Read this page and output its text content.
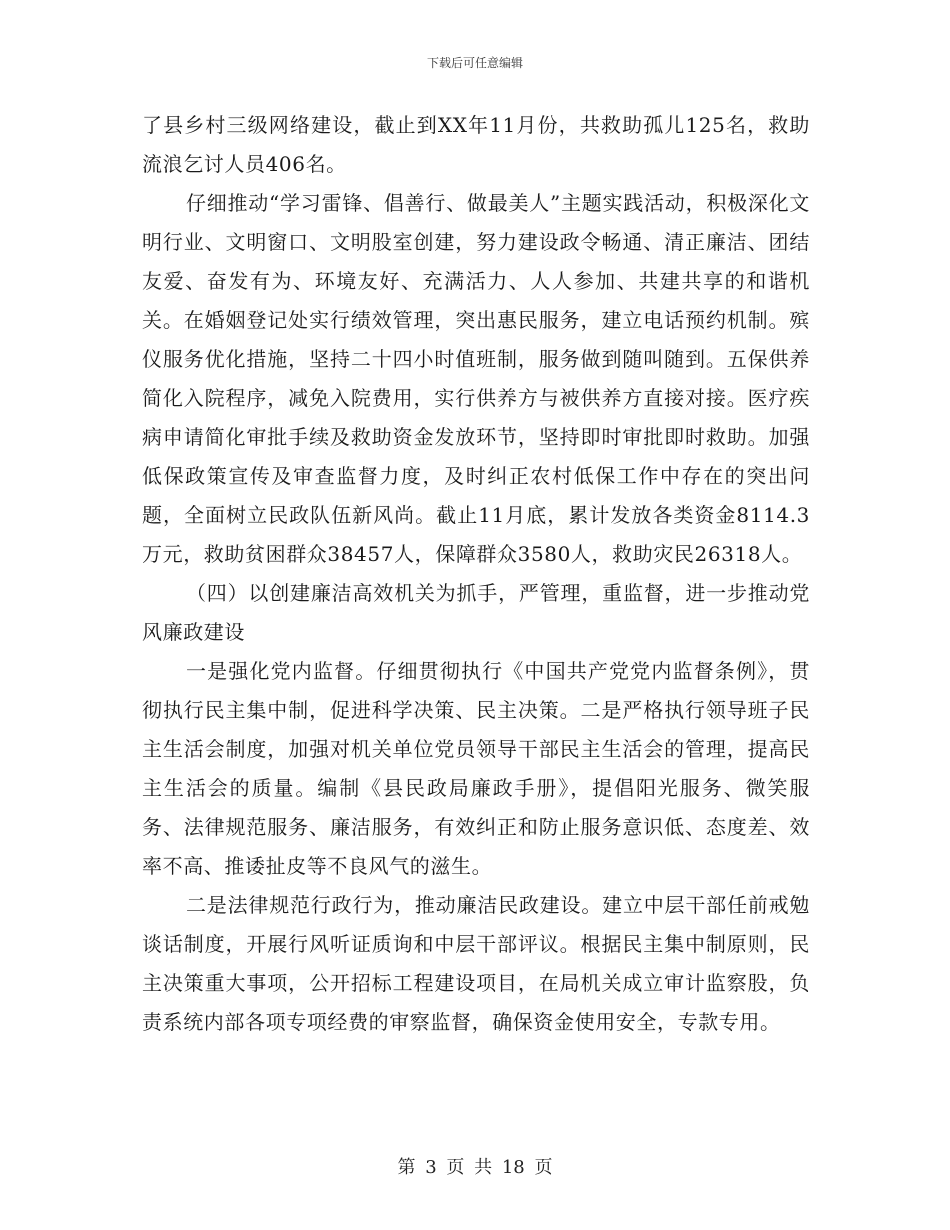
下载后可任意编辑

了县乡村三级网络建设，截止到XX年11月份，共救助孤儿125名，救助流浪乞讨人员406名。

仔细推动“学习雷锋、倡善行、做最美人”主题实践活动，积极深化文明行业、文明窗口、文明股室创建，努力建设政令畅通、清正廉洁、团结友爱、奋发有为、环境友好、充满活力、人人参加、共建共享的和谐机关。在婚姻登记处实行绩效管理，突出惠民服务，建立电话预约机制。殡仪服务优化措施，坚持二十四小时值班制，服务做到随叫随到。五保供养简化入院程序，减免入院费用，实行供养方与被供养方直接对接。医疗疾病申请简化审批手续及救助资金发放环节，坚持即时审批即时救助。加强低保政策宣传及审查监督力度，及时纠正农村低保工作中存在的突出问题，全面树立民政队伍新风尚。截止11月底，累计发放各类资金8114.3万元，救助贫困群众38457人，保障群众3580人，救助灾民26318人。

（四）以创建廉洁高效机关为抓手，严管理，重监督，进一步推动党风廉政建设

一是强化党内监督。仔细贯彻执行《中国共产党党内监督条例》，贯彻执行民主集中制，促进科学决策、民主决策。二是严格执行领导班子民主生活会制度，加强对机关单位党员领导干部民主生活会的管理，提高民主生活会的质量。编制《县民政局廉政手册》，提倡阳光服务、微笑服务、法律规范服务、廉洁服务，有效纠正和防止服务意识低、态度差、效率不高、推诿扯皮等不良风气的滋生。

二是法律规范行政行为，推动廉洁民政建设。建立中层干部任前戒勉谈话制度，开展行风听证质询和中层干部评议。根据民主集中制原则，民主决策重大事项，公开招标工程建设项目，在局机关成立审计监察股，负责系统内部各项专项经费的审察监督，确保资金使用安全，专款专用。

第 3 页 共 18 页
